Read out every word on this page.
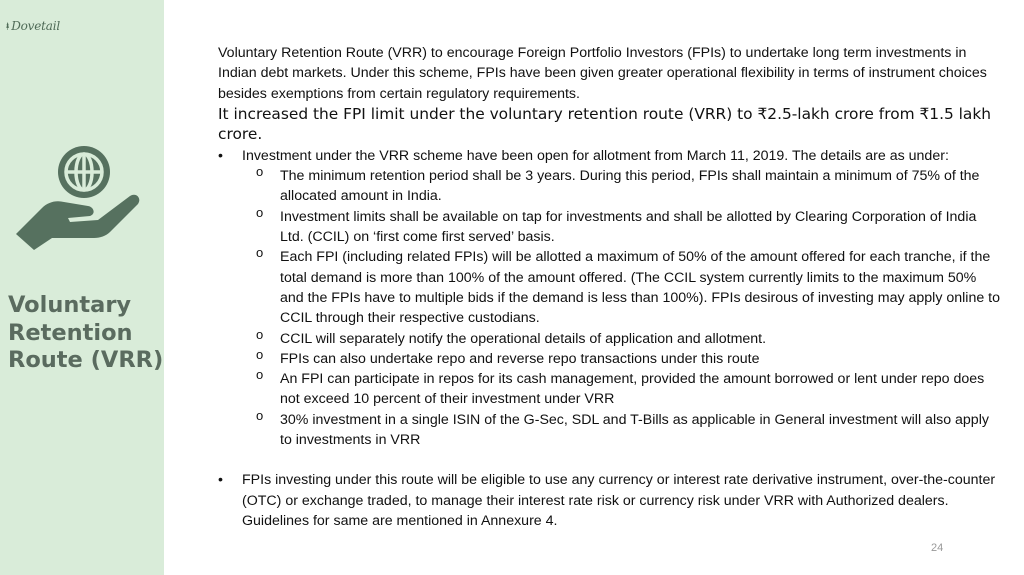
Dovetail
Voluntary
Retention
Route (VRR)

Voluntary Retention Route (VRR) to encourage Foreign Portfolio Investors (FPIs) to undertake long term investments in Indian debt markets. Under this scheme, FPIs have been given greater operational flexibility in terms of instrument choices besides exemptions from certain regulatory requirements.

It increased the FPI limit under the voluntary retention route (VRR) to ₹2.5-lakh crore from ₹1.5 lakh crore.

• Investment under the VRR scheme have been open for allotment from March 11, 2019. The details are as under:
o The minimum retention period shall be 3 years. During this period, FPIs shall maintain a minimum of 75% of the allocated amount in India.
o Investment limits shall be available on tap for investments and shall be allotted by Clearing Corporation of India Ltd. (CCIL) on ‘first come first served’ basis.
o Each FPI (including related FPIs) will be allotted a maximum of 50% of the amount offered for each tranche, if the total demand is more than 100% of the amount offered. (The CCIL system currently limits to the maximum 50% and the FPIs have to multiple bids if the demand is less than 100%). FPIs desirous of investing may apply online to CCIL through their respective custodians.
o CCIL will separately notify the operational details of application and allotment.
o FPIs can also undertake repo and reverse repo transactions under this route
o An FPI can participate in repos for its cash management, provided the amount borrowed or lent under repo does not exceed 10 percent of their investment under VRR
o 30% investment in a single ISIN of the G-Sec, SDL and T-Bills as applicable in General investment will also apply to investments in VRR
• FPIs investing under this route will be eligible to use any currency or interest rate derivative instrument, over-the-counter (OTC) or exchange traded, to manage their interest rate risk or currency risk under VRR with Authorized dealers. Guidelines for same are mentioned in Annexure 4.
24
